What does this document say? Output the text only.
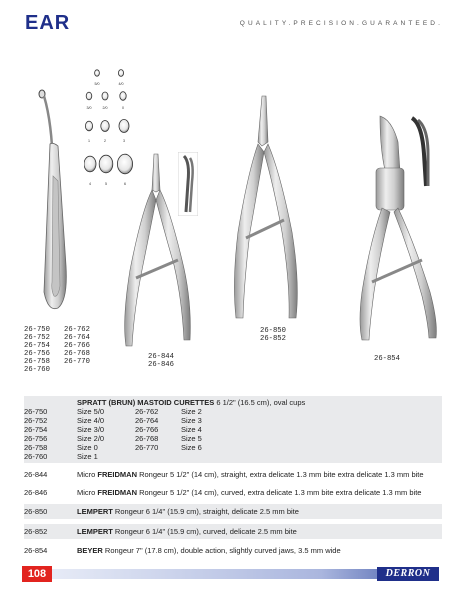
EAR	QUALITY.PRECISION.GUARANTEED.
5/0	4/0
3/0	2/0	0
1	2	3
4	5	6
26-750
26-752
26-754
26-756
26-758
26-760
26-762
26-764
26-766
26-768
26-770
26-844
26-846
26-850
26-852
26-854
SPRATT (BRUN) MASTOID CURETTES 6 1/2" (16.5 cm), oval cups
26-750	Size 5/0	26-762	Size 2
26-752	Size 4/0	26-764	Size 3
26-754	Size 3/0	26-766	Size 4
26-756	Size 2/0	26-768	Size 5
26-758	Size 0	26-770	Size 6
26-760	Size 1
26-844	Micro FREIDMAN Rongeur 5 1/2" (14 cm), straight, extra delicate 1.3 mm bite extra delicate 1.3 mm bite
26-846	Micro FREIDMAN Rongeur 5 1/2" (14 cm), curved, extra delicate 1.3 mm bite extra delicate 1.3 mm bite
26-850	LEMPERT Rongeur 6 1/4" (15.9 cm), straight, delicate 2.5 mm bite
26-852	LEMPERT Rongeur 6 1/4" (15.9 cm), curved, delicate 2.5 mm bite
26-854	BEYER Rongeur 7" (17.8 cm), double action, slightly curved jaws, 3.5 mm wide
108	DERRON
